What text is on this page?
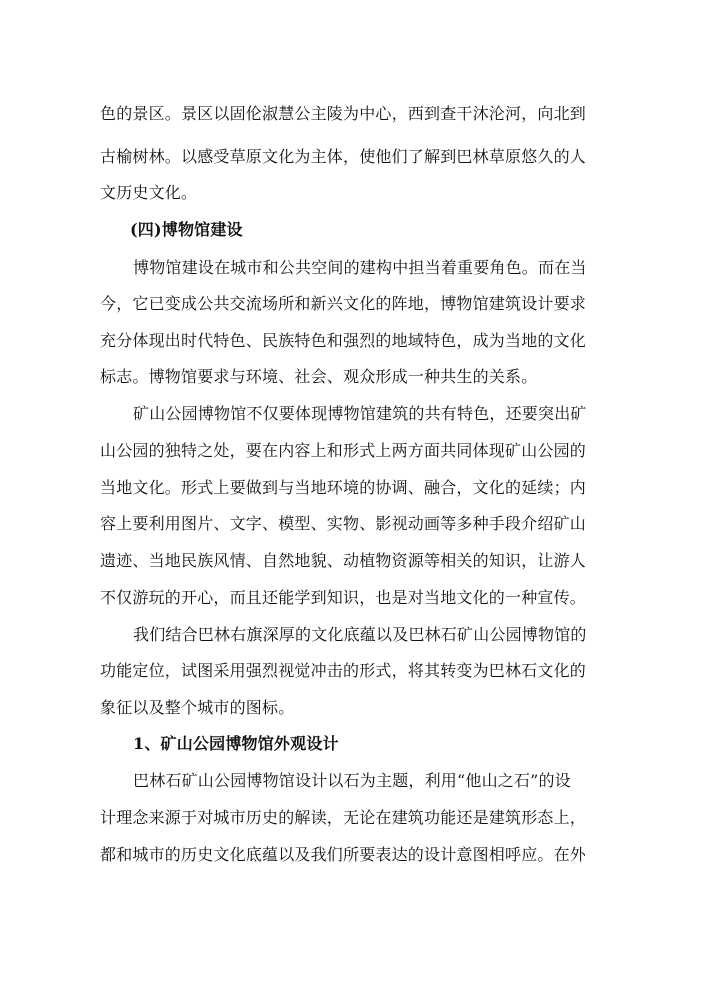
色的景区。景区以固伦淑慧公主陵为中心，西到查干沐沦河，向北到
古榆树林。以感受草原文化为主体，使他们了解到巴林草原悠久的人
文历史文化。
(四)博物馆建设
博物馆建设在城市和公共空间的建构中担当着重要角色。而在当
今，它已变成公共交流场所和新兴文化的阵地，博物馆建筑设计要求
充分体现出时代特色、民族特色和强烈的地域特色，成为当地的文化
标志。博物馆要求与环境、社会、观众形成一种共生的关系。
矿山公园博物馆不仅要体现博物馆建筑的共有特色，还要突出矿
山公园的独特之处，要在内容上和形式上两方面共同体现矿山公园的
当地文化。形式上要做到与当地环境的协调、融合，文化的延续；内
容上要利用图片、文字、模型、实物、影视动画等多种手段介绍矿山
遗迹、当地民族风情、自然地貌、动植物资源等相关的知识，让游人
不仅游玩的开心，而且还能学到知识，也是对当地文化的一种宣传。
我们结合巴林右旗深厚的文化底蕴以及巴林石矿山公园博物馆的
功能定位，试图采用强烈视觉冲击的形式，将其转变为巴林石文化的
象征以及整个城市的图标。
1、矿山公园博物馆外观设计
巴林石矿山公园博物馆设计以石为主题，利用“他山之石”的设
计理念来源于对城市历史的解读，无论在建筑功能还是建筑形态上，
都和城市的历史文化底蕴以及我们所要表达的设计意图相呼应。在外
